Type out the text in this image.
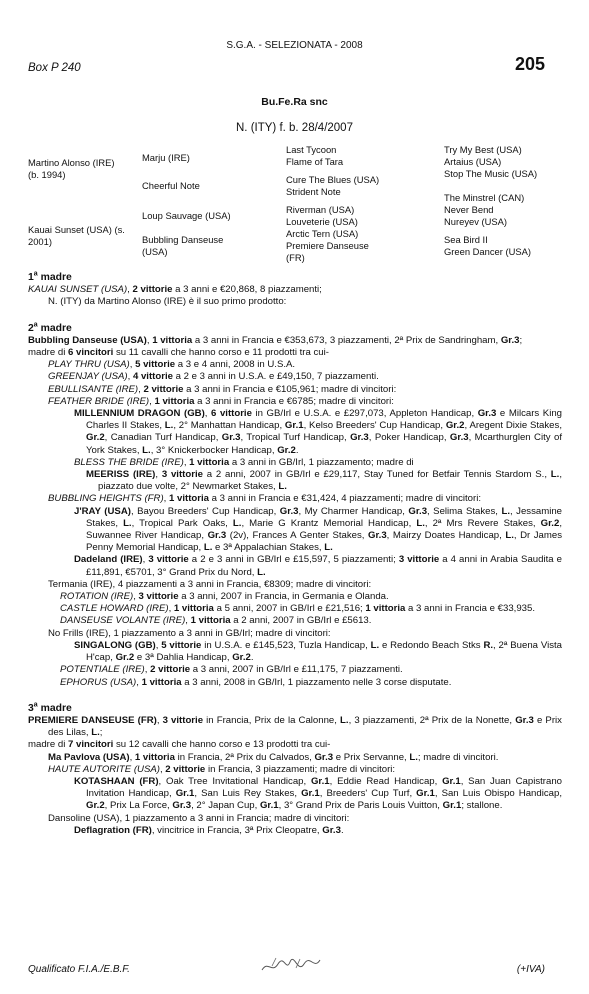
S.G.A. - SELEZIONATA - 2008
Box P 240	205
Bu.Fe.Ra snc
N. (ITY) f. b. 28/4/2007
Martino Alonso (IRE) (b. 1994)
Kauai Sunset (USA) (s. 2001)
Marju (IRE)
Cheerful Note
Loup Sauvage (USA)
Bubbling Danseuse (USA)
Last Tycoon
Flame of Tara
Cure The Blues (USA)
Strident Note
Riverman (USA)
Louveterie (USA)
Arctic Tern (USA)
Premiere Danseuse (FR)
Try My Best (USA)
Artaius (USA)
Stop The Music (USA)
The Minstrel (CAN)
Never Bend
Nureyev (USA)
Sea Bird II
Green Dancer (USA)

1$^a$ madre

KAUAI SUNSET (USA), 2 vittorie a 3 anni e €20,868, 8 piazzamenti;

N. (ITY) da Martino Alonso (IRE) è il suo primo prodotto:

2$^a$ madre

Bubbling Danseuse (USA), 1 vittoria a 3 anni in Francia e €353,673, 3 piazzamenti, 2ª Prix de Sandringham, Gr.3;

madre di 6 vincitori su 11 cavalli che hanno corso e 11 prodotti tra cui-

PLAY THRU (USA), 5 vittorie a 3 e 4 anni, 2008 in U.S.A.

GREENJAY (USA), 4 vittorie a 2 e 3 anni in U.S.A. e £49,150, 7 piazzamenti.

EBULLISANTE (IRE), 2 vittorie a 3 anni in Francia e €105,961; madre di vincitori:

FEATHER BRIDE (IRE), 1 vittoria a 3 anni in Francia e €6785; madre di vincitori:

MILLENNIUM DRAGON (GB), 6 vittorie in GB/Irl e U.S.A. e £297,073, Appleton Handicap, Gr.3 e Milcars King Charles II Stakes, L., 2° Manhattan Handicap, Gr.1, Kelso Breeders' Cup Handicap, Gr.2, Aregent Dixie Stakes, Gr.2, Canadian Turf Handicap, Gr.3, Tropical Turf Handicap, Gr.3, Poker Handicap, Gr.3, Mcarthurglen City of York Stakes, L., 3° Knickerbocker Handicap, Gr.2.

BLESS THE BRIDE (IRE), 1 vittoria a 3 anni in GB/Irl, 1 piazzamento; madre di

MEERISS (IRE), 3 vittorie a 2 anni, 2007 in GB/Irl e £29,117, Stay Tuned for Betfair Tennis Stardom S., L., piazzato due volte, 2° Newmarket Stakes, L.

BUBBLING HEIGHTS (FR), 1 vittoria a 3 anni in Francia e €31,424, 4 piazzamenti; madre di vincitori:

J'RAY (USA), Bayou Breeders' Cup Handicap, Gr.3, My Charmer Handicap, Gr.3, Selima Stakes, L., Jessamine Stakes, L., Tropical Park Oaks, L., Marie G Krantz Memorial Handicap, L., 2ª Mrs Revere Stakes, Gr.2, Suwannee River Handicap, Gr.3 (2v), Frances A Genter Stakes, Gr.3, Mairzy Doates Handicap, L., Dr James Penny Memorial Handicap, L. e 3ª Appalachian Stakes, L.

Dadeland (IRE), 3 vittorie a 2 e 3 anni in GB/Irl e £15,597, 5 piazzamenti; 3 vittorie a 4 anni in Arabia Saudita e £11,891, €5701, 3° Grand Prix du Nord, L.

Termania (IRE), 4 piazzamenti a 3 anni in Francia, €8309; madre di vincitori:

ROTATION (IRE), 3 vittorie a 3 anni, 2007 in Francia, in Germania e Olanda.

CASTLE HOWARD (IRE), 1 vittoria a 5 anni, 2007 in GB/Irl e £21,516; 1 vittoria a 3 anni in Francia e €33,935.

DANSEUSE VOLANTE (IRE), 1 vittoria a 2 anni, 2007 in GB/Irl e £5613.

No Frills (IRE), 1 piazzamento a 3 anni in GB/Irl; madre di vincitori:

SINGALONG (GB), 5 vittorie in U.S.A. e £145,523, Tuzla Handicap, L. e Redondo Beach Stks R., 2ª Buena Vista H'cap, Gr.2 e 3ª Dahlia Handicap, Gr.2.

POTENTIALE (IRE), 2 vittorie a 3 anni, 2007 in GB/Irl e £11,175, 7 piazzamenti.

EPHORUS (USA), 1 vittoria a 3 anni, 2008 in GB/Irl, 1 piazzamento nelle 3 corse disputate.

3$^a$ madre

PREMIERE DANSEUSE (FR), 3 vittorie in Francia, Prix de la Calonne, L., 3 piazzamenti, 2ª Prix de la Nonette, Gr.3 e Prix des Lilas, L.;

madre di 7 vincitori su 12 cavalli che hanno corso e 13 prodotti tra cui-

Ma Pavlova (USA), 1 vittoria in Francia, 2ª Prix du Calvados, Gr.3 e Prix Servanne, L.; madre di vincitori.

HAUTE AUTORITE (USA), 2 vittorie in Francia, 3 piazzamenti; madre di vincitori:

KOTASHAAN (FR), Oak Tree Invitational Handicap, Gr.1, Eddie Read Handicap, Gr.1, San Juan Capistrano Invitation Handicap, Gr.1, San Luis Rey Stakes, Gr.1, Breeders' Cup Turf, Gr.1, San Luis Obispo Handicap, Gr.2, Prix La Force, Gr.3, 2° Japan Cup, Gr.1, 3° Grand Prix de Paris Louis Vuitton, Gr.1; stallone.

Dansoline (USA), 1 piazzamento a 3 anni in Francia; madre di vincitori:

Deflagration (FR), vincitrice in Francia, 3ª Prix Cleopatre, Gr.3.

Qualificato F.I.A./E.B.F.	(+IVA)
